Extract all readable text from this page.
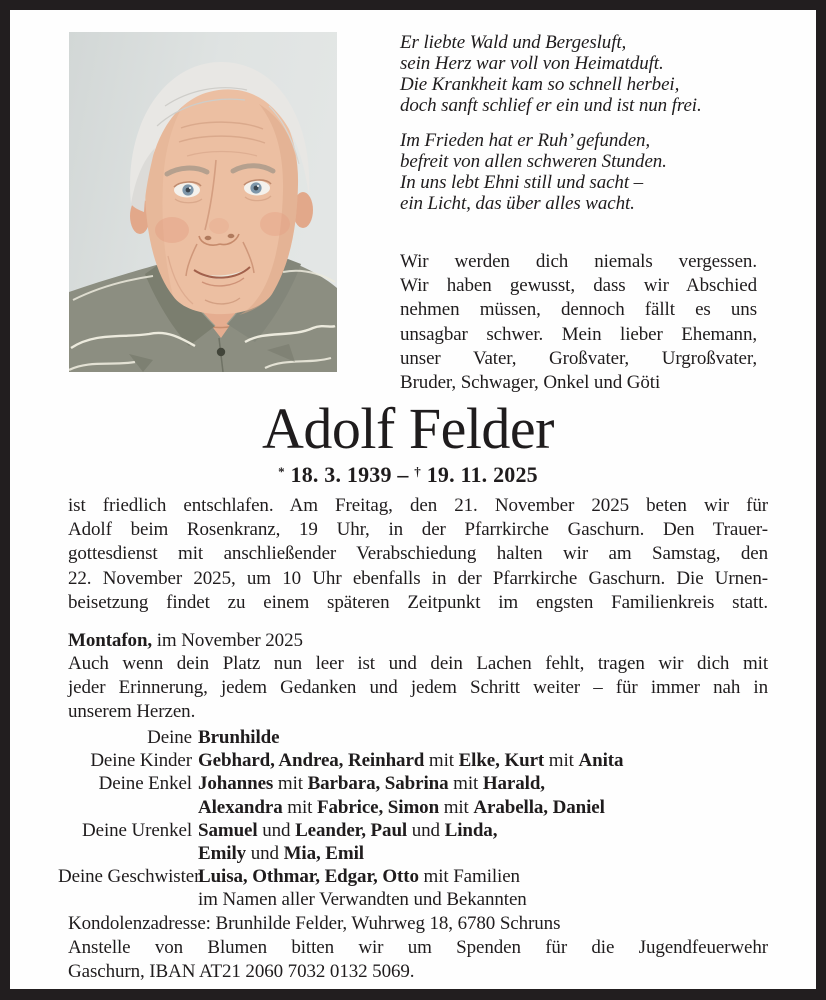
Er liebte Wald und Bergesluft,
sein Herz war voll von Heimatduft.
Die Krankheit kam so schnell herbei,
doch sanft schlief er ein und ist nun frei.
Im Frieden hat er Ruh’ gefunden,
befreit von allen schweren Stunden.
In uns lebt Ehni still und sacht –
ein Licht, das über alles wacht.
Wir werden dich niemals vergessen.
Wir haben gewusst, dass wir Abschied
nehmen müssen, dennoch fällt es uns
unsagbar schwer. Mein lieber Ehemann,
unser Vater, Großvater, Urgroßvater,
Bruder, Schwager, Onkel und Göti
Adolf Felder
* 18. 3. 1939 – † 19. 11. 2025
ist friedlich entschlafen. Am Freitag, den 21. November 2025 beten wir für
Adolf beim Rosenkranz, 19 Uhr, in der Pfarrkirche Gaschurn. Den Trauer-
gottesdienst mit anschließender Verabschiedung halten wir am Samstag, den
22. November 2025, um 10 Uhr ebenfalls in der Pfarrkirche Gaschurn. Die Urnen-
beisetzung findet zu einem späteren Zeitpunkt im engsten Familienkreis statt.
Montafon, im November 2025
Auch wenn dein Platz nun leer ist und dein Lachen fehlt, tragen wir dich mit
jeder Erinnerung, jedem Gedanken und jedem Schritt weiter – für immer nah in
unserem Herzen.
Deine Brunhilde
Deine Kinder Gebhard, Andrea, Reinhard mit Elke, Kurt mit Anita
Deine Enkel Johannes mit Barbara, Sabrina mit Harald,
Alexandra mit Fabrice, Simon mit Arabella, Daniel
Deine Urenkel Samuel und Leander, Paul und Linda,
Emily und Mia, Emil
Deine Geschwister
Luisa, Othmar, Edgar, Otto mit Familien
im Namen aller Verwandten und Bekannten
Kondolenzadresse: Brunhilde Felder, Wuhrweg 18, 6780 Schruns
Anstelle von Blumen bitten wir um Spenden für die Jugendfeuerwehr
Gaschurn, IBAN AT21 2060 7032 0132 5069.
